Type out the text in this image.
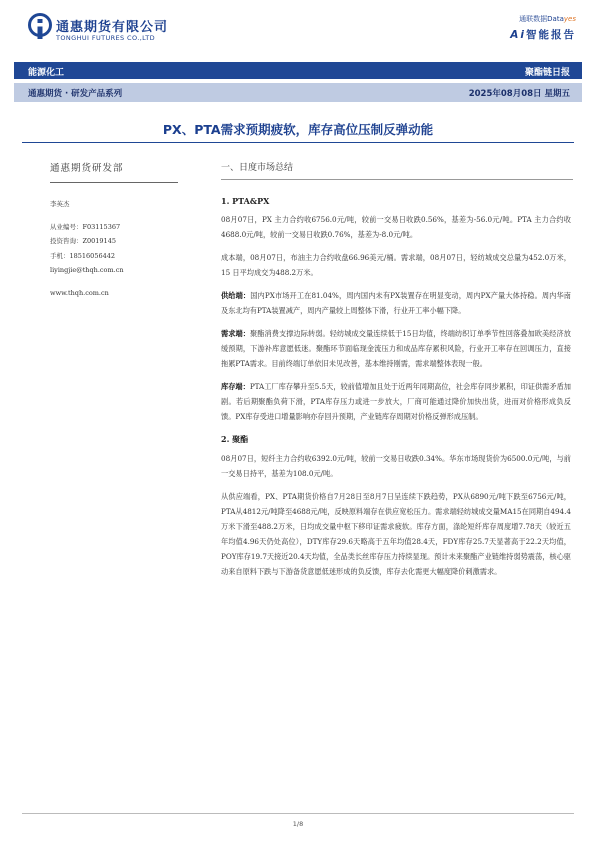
通惠期货有限公司
TONGHUI FUTURES CO.,LTD
通联数据Datayes
Ai智能报告
能源化工	聚酯链日报
通惠期货 · 研发产品系列	2025年08月08日 星期五
PX、PTA需求预期疲软，库存高位压制反弹动能
通惠期货研发部
李英杰
从业编号：F03115367
投资咨询：Z0019145
手机：18516056442
liyingjie@thqh.com.cn
www.thqh.com.cn
一、日度市场总结
1. PTA&PX

08月07日，PX 主力合约收6756.0元/吨，较前一交易日收跌0.56%，基差为-56.0元/吨。PTA 主力合约收4688.0元/吨，较前一交易日收跌0.76%，基差为-8.0元/吨。

成本端，08月07日，布油主力合约收盘66.96美元/桶。需求端，08月07日，轻纺城成交总量为452.0万米，15 日平均成交为488.2万米。

供给端：国内PX市场开工在81.04%，周内国内未有PX装置存在明显变动，周内PX产量大体持稳。周内华南及东北均有PTA装置减产，周内产量较上周整体下滑，行业开工率小幅下降。

需求端：聚酯消费支撑边际转弱。轻纺城成交量连续低于15日均值，终端纺织订单季节性回落叠加欧美经济放缓预期，下游补库意愿低迷。聚酯环节面临现金流压力和成品库存累积风险，行业开工率存在回调压力，直接拖累PTA需求。目前终端订单依旧未见改善，基本维持刚需，需求端整体表现一般。

库存端：PTA工厂库存攀升至5.5天，较前值增加且处于近两年同期高位，社会库存同步累积，印证供需矛盾加剧。若后期聚酯负荷下滑，PTA库存压力或进一步放大，厂商可能通过降价加快出货，进而对价格形成负反馈。PX库存受进口增量影响亦存回升预期，产业链库存周期对价格反弹形成压制。

2. 聚酯

08月07日，短纤主力合约收6392.0元/吨，较前一交易日收跌0.34%。华东市场现货价为6500.0元/吨，与前一交易日持平，基差为108.0元/吨。

从供应端看，PX、PTA期货价格自7月28日至8月7日呈连续下跌趋势，PX从6890元/吨下跌至6756元/吨，PTA从4812元/吨降至4688元/吨，反映原料端存在供应宽松压力。需求端轻纺城成交量MA15在同期自494.4万米下滑至488.2万米，日均成交量中枢下移印证需求疲软。库存方面，涤纶短纤库存周度增7.78天（较近五年均值4.96天仍处高位），DTY库存29.6天略高于五年均值28.4天，FDY库存25.7天显著高于22.2天均值，POY库存19.7天接近20.4天均值，全品类长丝库存压力持续显现。预计未来聚酯产业链维持弱势震荡，核心驱动来自原料下跌与下游备货意愿低迷形成的负反馈，库存去化需更大幅度降价刺激需求。

1/8
